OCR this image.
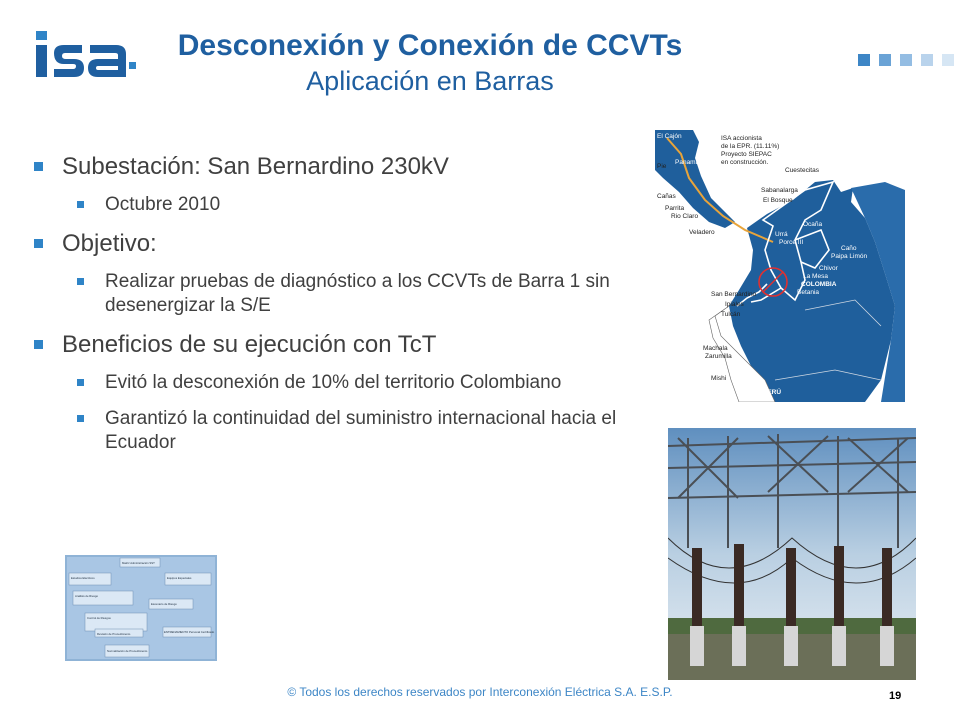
isa
Desconexión y Conexión de CCVTs
Aplicación en Barras
Subestación: San Bernardino 230kV
Octubre 2010
Objetivo:
Realizar pruebas de diagnóstico a los CCVTs de Barra 1 sin desenergizar la S/E
Beneficios de su ejecución con TcT
Evitó la desconexión de 10% del territorio Colombiano
Garantizó la continuidad del suministro internacional hacia el Ecuador
ISA accionista
de la EPR. (11.11%)
Proyecto SIEPAC
en construcción.
El Cajón
Panamá
Pie
Cañas
Parrita
Rio Claro
Veladero
Cuestecitas
Sabanalarga
El Bosque
Ocaña
Urrá
Porce III
Caño
Paipa Limón
Chivor
La Mesa
Betania
COLOMBIA
San Bernardino
Ipiales
Tulcán
Machala
Zarumilla
Mishi Mayo
PERÚ
Matriz Administración SST
Estudios Eléctricos	Equipos Especiales
Análisis de Riesgo
Escenario de Riesgo
Control de Riesgos
ENTRENAMIENTO Personal Certificado
Revisión de Procedimiento
Normalización de Procedimiento
© Todos los derechos reservados por Interconexión Eléctrica S.A. E.S.P.	19
